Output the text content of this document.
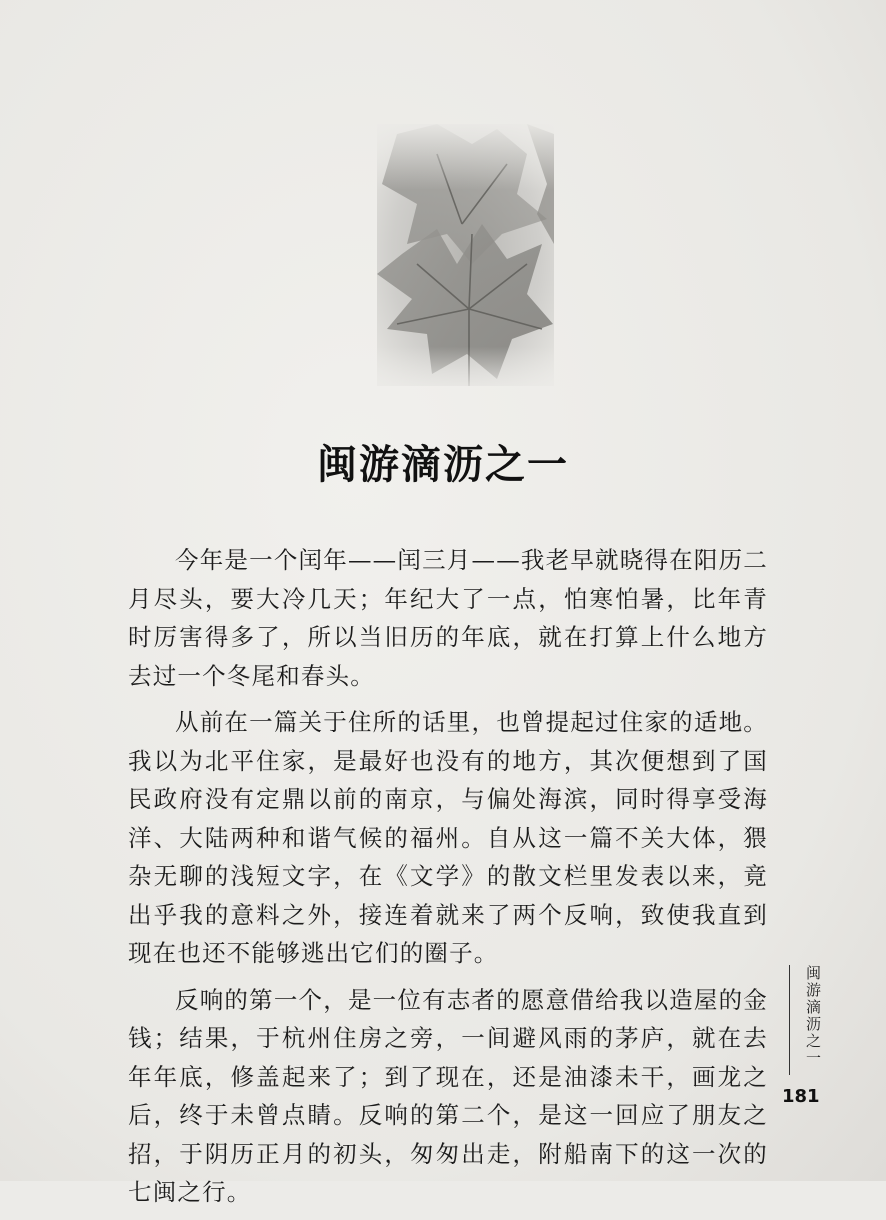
闽游滴沥之一

今年是一个闰年——闰三月——我老早就晓得在阳历二月尽头，要大冷几天；年纪大了一点，怕寒怕暑，比年青时厉害得多了，所以当旧历的年底，就在打算上什么地方去过一个冬尾和春头。

从前在一篇关于住所的话里，也曾提起过住家的适地。我以为北平住家，是最好也没有的地方，其次便想到了国民政府没有定鼎以前的南京，与偏处海滨，同时得享受海洋、大陆两种和谐气候的福州。自从这一篇不关大体，猥杂无聊的浅短文字，在《文学》的散文栏里发表以来，竟出乎我的意料之外，接连着就来了两个反响，致使我直到现在也还不能够逃出它们的圈子。

反响的第一个，是一位有志者的愿意借给我以造屋的金钱；结果，于杭州住房之旁，一间避风雨的茅庐，就在去年年底，修盖起来了；到了现在，还是油漆未干，画龙之后，终于未曾点睛。反响的第二个，是这一回应了朋友之招，于阴历正月的初头，匆匆出走，附船南下的这一次的七闽之行。

闽游滴沥之一
181
